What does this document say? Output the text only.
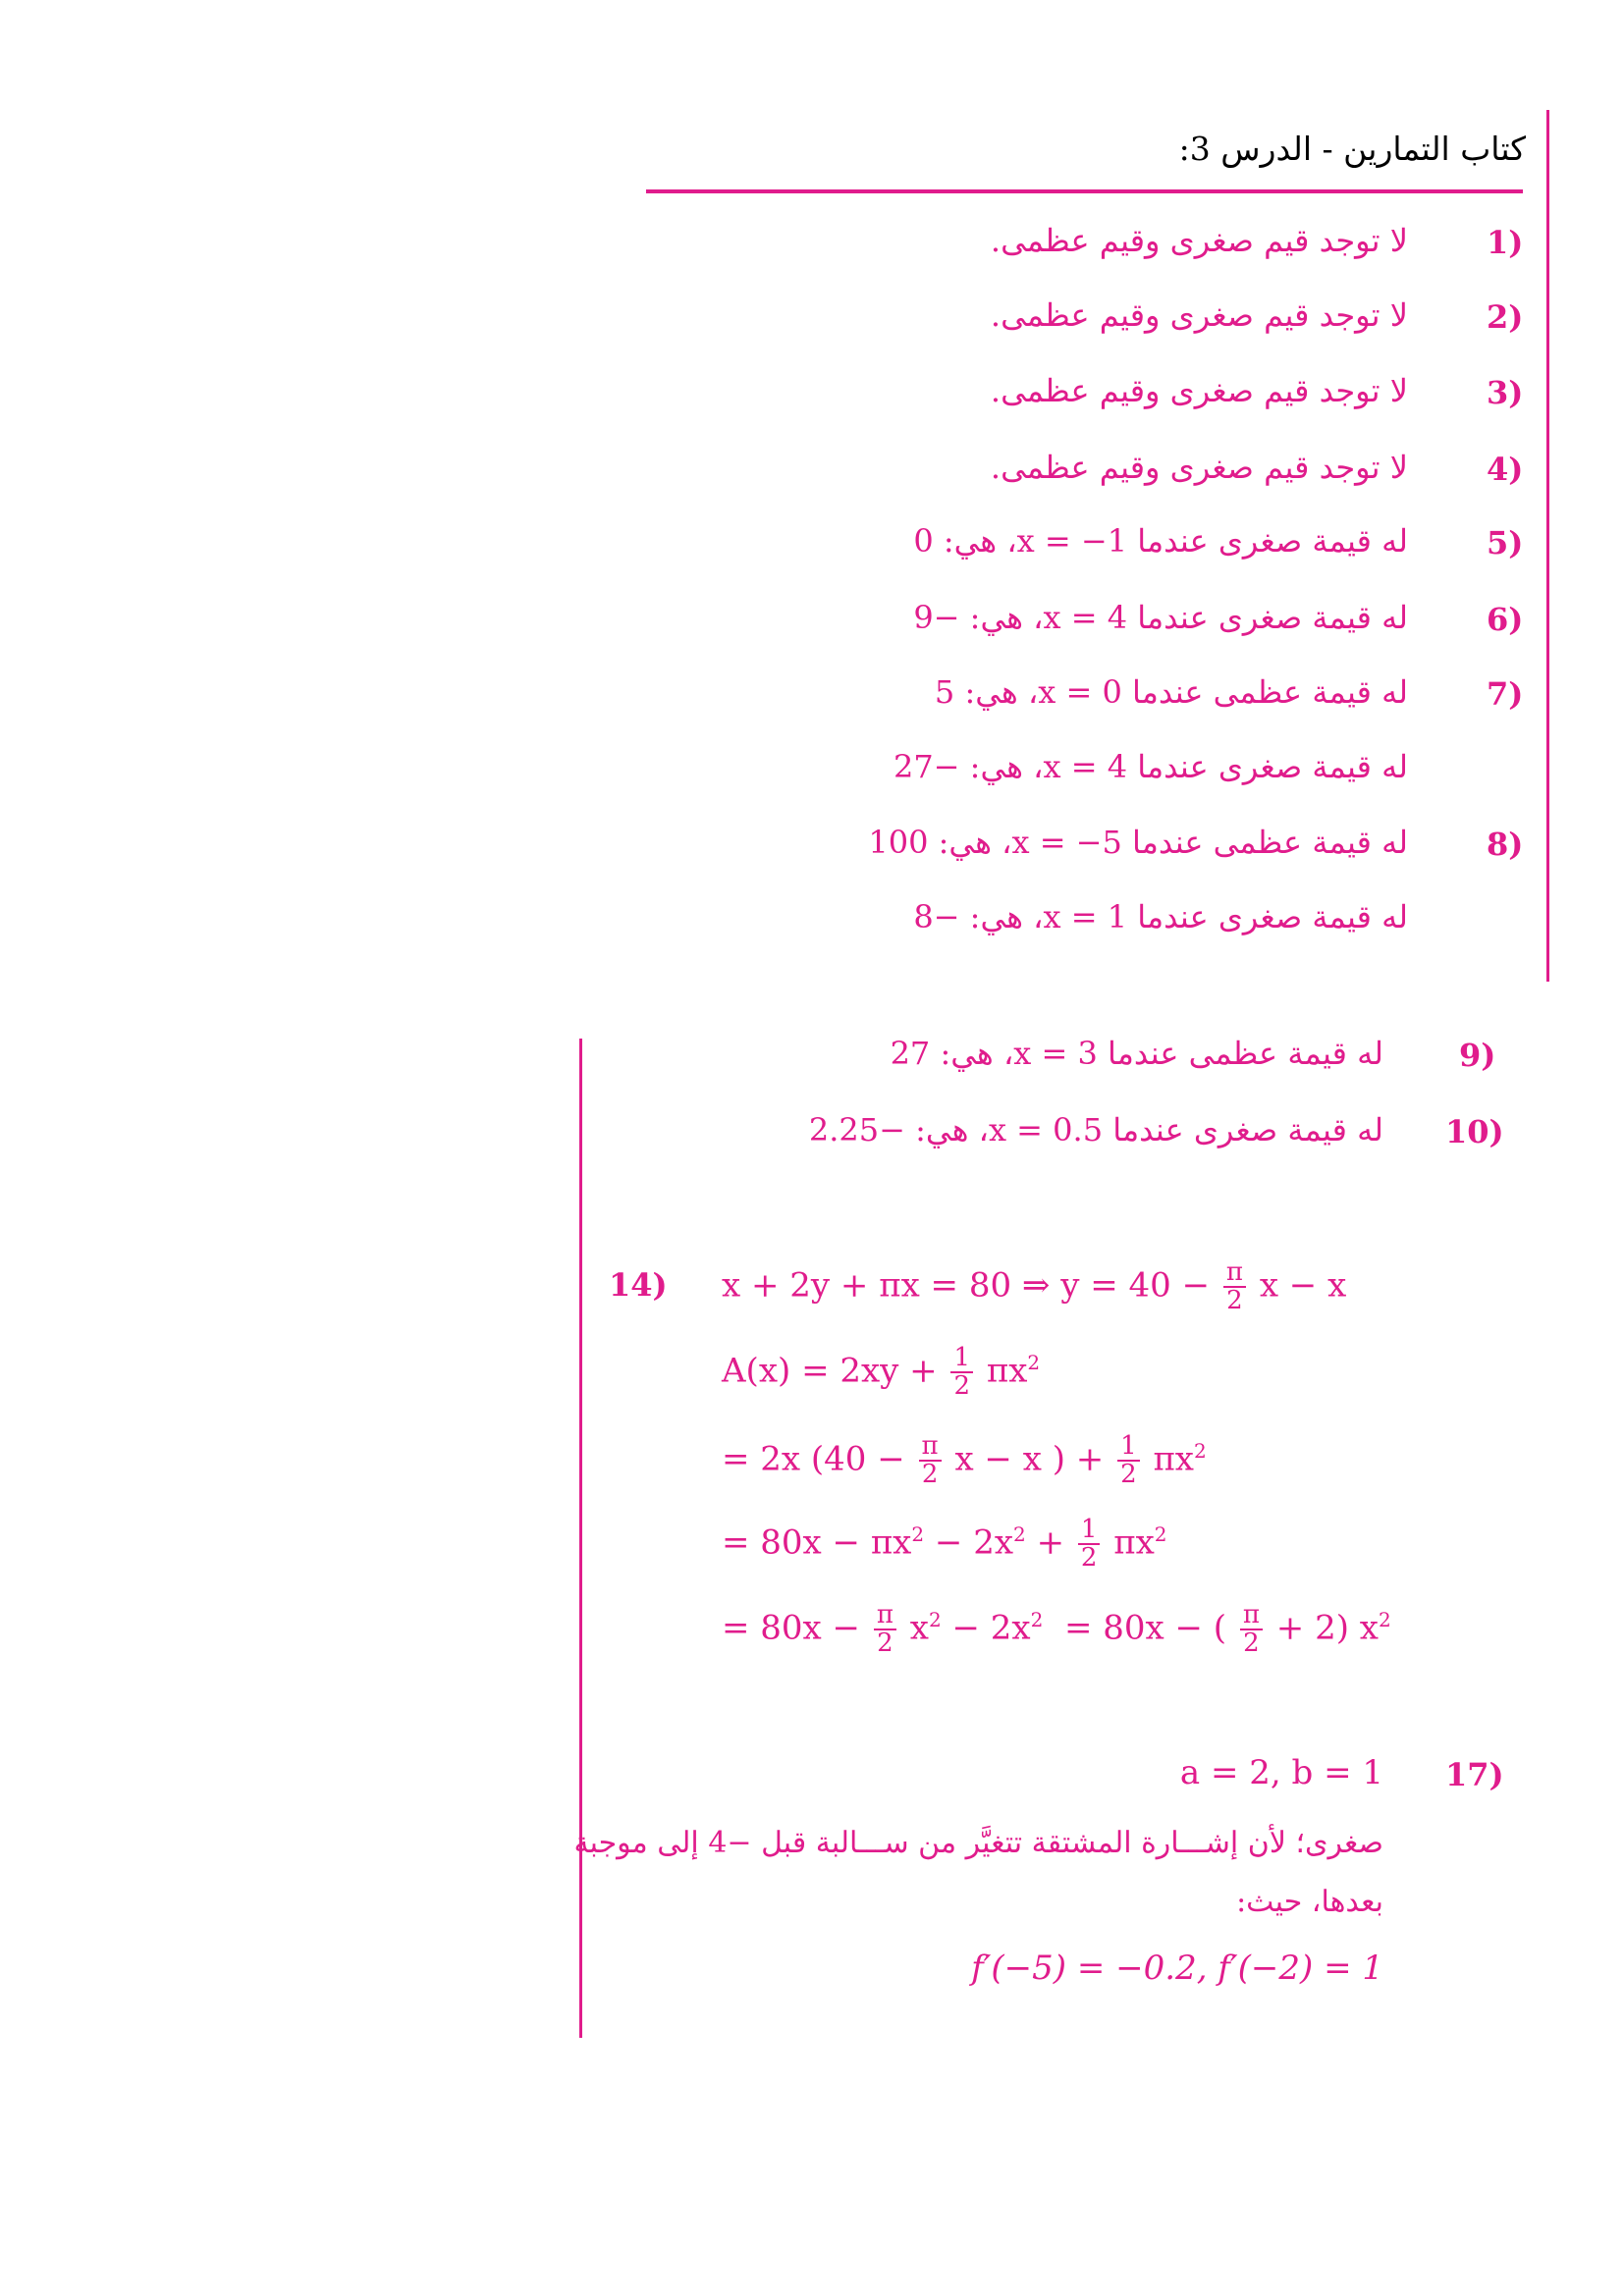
كتاب التمارين - الدرس 3:
1)
لا توجد قيم صغرى وقيم عظمى.
2)
لا توجد قيم صغرى وقيم عظمى.
3)
لا توجد قيم صغرى وقيم عظمى.
4)
لا توجد قيم صغرى وقيم عظمى.
5)
له قيمة صغرى عندما x = −1، هي: 0
6)
له قيمة صغرى عندما x = 4، هي: −9
7)
له قيمة عظمى عندما x = 0، هي: 5
له قيمة صغرى عندما x = 4، هي: −27
8)
له قيمة عظمى عندما x = −5، هي: 100
له قيمة صغرى عندما x = 1، هي: −8
9)
له قيمة عظمى عندما x = 3، هي: 27
10)
له قيمة صغرى عندما x = 0.5، هي: −2.25
14) x + 2y + πx = 80 ⇒ $y = 40 - \frac{\pi}{2}$ x − x
$A(x) = 2xy + \frac{1}{2} \pi x^2$
= 2x ($40 - \frac{\pi}{2}$ x − x ) + $\frac{1}{2} \pi x^2$
= $80x - \pi x^2 - 2x^2 + \frac{1}{2} \pi x^2$
= $80x - \frac{\pi}{2} x^2 - 2x^2 = 80x$ − ( $\frac{\pi}{2} + 2$) $x^2$
17)
a = 2, b = 1
صغرى؛ لأن إشـــارة المشتقة تتغيَّر من ســـالبة قبل −4 إلى موجبة بعدها، حيث:
f′(−5) = −0.2, f′(−2) = 1
